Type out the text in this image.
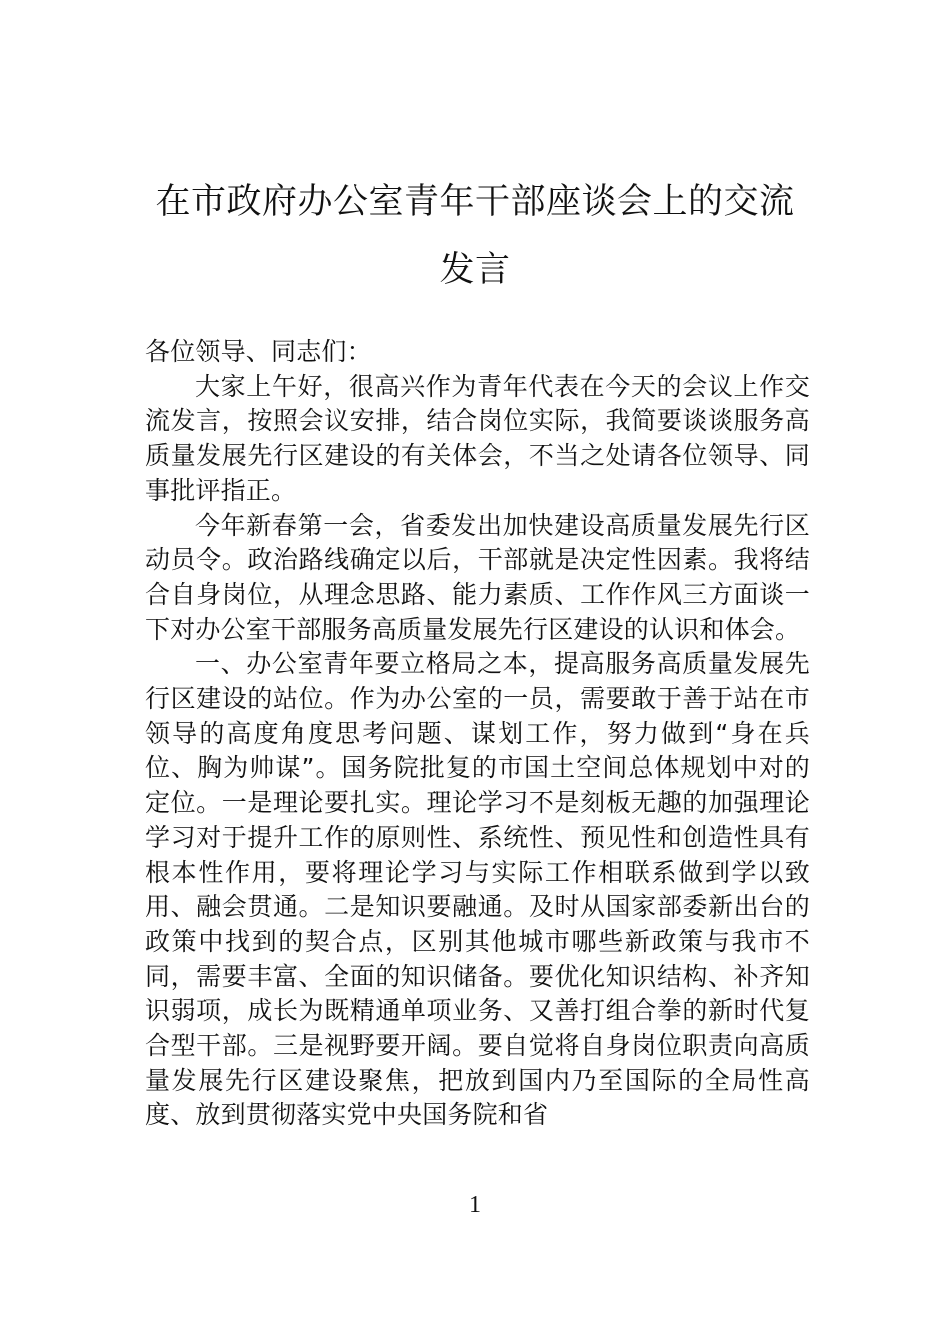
在市政府办公室青年干部座谈会上的交流发言

各位领导、同志们：

大家上午好，很高兴作为青年代表在今天的会议上作交流发言，按照会议安排，结合岗位实际，我简要谈谈服务高质量发展先行区建设的有关体会，不当之处请各位领导、同事批评指正。

今年新春第一会，省委发出加快建设高质量发展先行区动员令。政治路线确定以后，干部就是决定性因素。我将结合自身岗位，从理念思路、能力素质、工作作风三方面谈一下对办公室干部服务高质量发展先行区建设的认识和体会。

一、办公室青年要立格局之本，提高服务高质量发展先行区建设的站位。作为办公室的一员，需要敢于善于站在市领导的高度角度思考问题、谋划工作，努力做到“身在兵位、胸为帅谋”。国务院批复的市国土空间总体规划中对的定位。一是理论要扎实。理论学习不是刻板无趣的加强理论学习对于提升工作的原则性、系统性、预见性和创造性具有根本性作用，要将理论学习与实际工作相联系做到学以致用、融会贯通。二是知识要融通。及时从国家部委新出台的政策中找到的契合点，区别其他城市哪些新政策与我市不同，需要丰富、全面的知识储备。要优化知识结构、补齐知识弱项，成长为既精通单项业务、又善打组合拳的新时代复合型干部。三是视野要开阔。要自觉将自身岗位职责向高质量发展先行区建设聚焦，把放到国内乃至国际的全局性高度、放到贯彻落实党中央国务院和省

1
